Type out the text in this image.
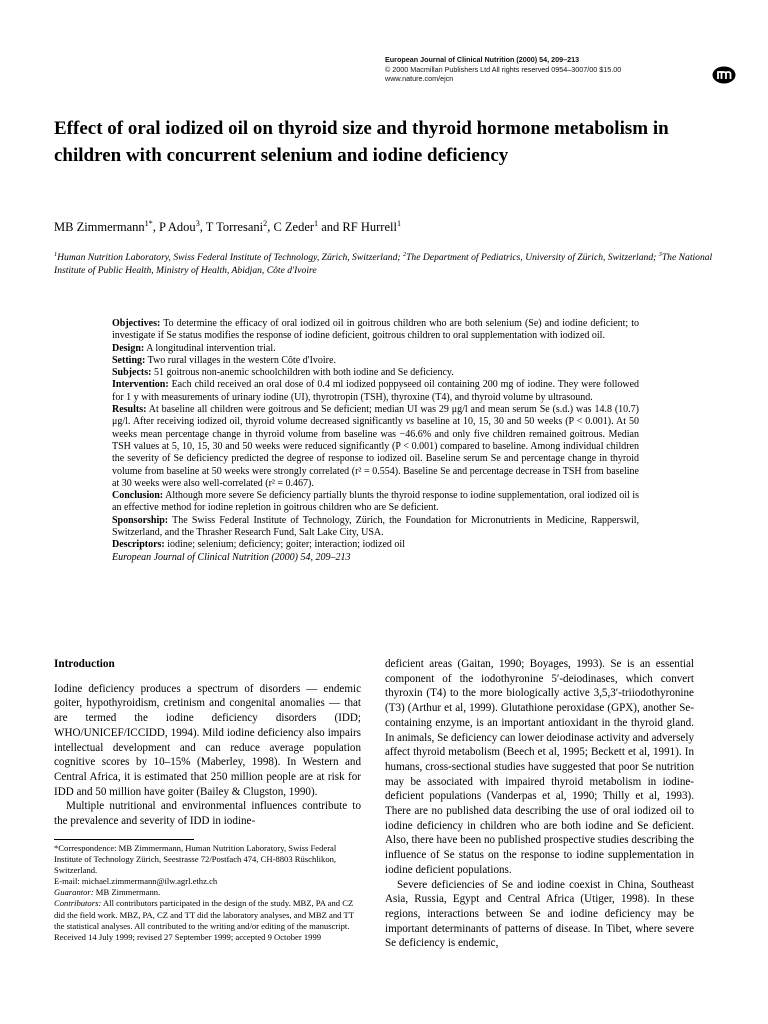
European Journal of Clinical Nutrition (2000) 54, 209–213
© 2000 Macmillan Publishers Ltd All rights reserved 0954–3007/00 $15.00
www.nature.com/ejcn
Effect of oral iodized oil on thyroid size and thyroid hormone metabolism in children with concurrent selenium and iodine deficiency
MB Zimmermann$^{1*}$, P Adou$^3$, T Torresani$^2$, C Zeder$^1$ and RF Hurrell$^1$
$^1$Human Nutrition Laboratory, Swiss Federal Institute of Technology, Zürich, Switzerland; $^2$The Department of Pediatrics, University of Zürich, Switzerland; $^3$The National Institute of Public Health, Ministry of Health, Abidjan, Côte d'Ivoire

Objectives: To determine the efficacy of oral iodized oil in goitrous children who are both selenium (Se) and iodine deficient; to investigate if Se status modifies the response of iodine deficient, goitrous children to oral supplementation with iodized oil.

Design: A longitudinal intervention trial.

Setting: Two rural villages in the western Côte d'Ivoire.

Subjects: 51 goitrous non-anemic schoolchildren with both iodine and Se deficiency.

Intervention: Each child received an oral dose of 0.4 ml iodized poppyseed oil containing 200 mg of iodine. They were followed for 1 y with measurements of urinary iodine (UI), thyrotropin (TSH), thyroxine (T4), and thyroid volume by ultrasound.

Results: At baseline all children were goitrous and Se deficient; median UI was 29 μg/l and mean serum Se (s.d.) was 14.8 (10.7) μg/l. After receiving iodized oil, thyroid volume decreased significantly vs baseline at 10, 15, 30 and 50 weeks (P < 0.001). At 50 weeks mean percentage change in thyroid volume from baseline was −46.6% and only five children remained goitrous. Median TSH values at 5, 10, 15, 30 and 50 weeks were reduced significantly (P < 0.001) compared to baseline. Among individual children the severity of Se deficiency predicted the degree of response to iodized oil. Baseline serum Se and percentage change in thyroid volume from baseline at 50 weeks were strongly correlated (r² = 0.554). Baseline Se and percentage decrease in TSH from baseline at 30 weeks were also well-correlated (r² = 0.467).

Conclusion: Although more severe Se deficiency partially blunts the thyroid response to iodine supplementation, oral iodized oil is an effective method for iodine repletion in goitrous children who are Se deficient.

Sponsorship: The Swiss Federal Institute of Technology, Zürich, the Foundation for Micronutrients in Medicine, Rapperswil, Switzerland, and the Thrasher Research Fund, Salt Lake City, USA.

Descriptors: iodine; selenium; deficiency; goiter; interaction; iodized oil

European Journal of Clinical Nutrition (2000) 54, 209–213

Introduction

Iodine deficiency produces a spectrum of disorders — endemic goiter, hypothyroidism, cretinism and congenital anomalies — that are termed the iodine deficiency disorders (IDD; WHO/UNICEF/ICCIDD, 1994). Mild iodine deficiency also impairs intellectual development and can reduce average population cognitive scores by 10–15% (Maberley, 1998). In Western and Central Africa, it is estimated that 250 million people are at risk for IDD and 50 million have goiter (Bailey & Clugston, 1990).

Multiple nutritional and environmental influences contribute to the prevalence and severity of IDD in iodine-

*Correspondence: MB Zimmermann, Human Nutrition Laboratory, Swiss Federal Institute of Technology Zürich, Seestrasse 72/Postfach 474, CH-8803 Rüschlikon, Switzerland.

E-mail: michael.zimmermann@ilw.agrl.ethz.ch

Guarantor: MB Zimmermann.

Contributors: All contributors participated in the design of the study. MBZ, PA and CZ did the field work. MBZ, PA, CZ and TT did the laboratory analyses, and MBZ and TT the statistical analyses. All contributed to the writing and/or editing of the manuscript.

Received 14 July 1999; revised 27 September 1999; accepted 9 October 1999

deficient areas (Gaitan, 1990; Boyages, 1993). Se is an essential component of the iodothyronine 5′-deiodinases, which convert thyroxin (T4) to the more biologically active 3,5,3′-triiodothyronine (T3) (Arthur et al, 1999). Glutathione peroxidase (GPX), another Se-containing enzyme, is an important antioxidant in the thyroid gland. In animals, Se deficiency can lower deiodinase activity and adversely affect thyroid metabolism (Beech et al, 1995; Beckett et al, 1991). In humans, cross-sectional studies have suggested that poor Se nutrition may be associated with impaired thyroid metabolism in iodine-deficient populations (Vanderpas et al, 1990; Thilly et al, 1993). There are no published data describing the use of oral iodized oil to iodine deficiency in children who are both iodine and Se deficient. Also, there have been no published prospective studies describing the influence of Se status on the response to iodine supplementation in iodine deficient populations.

Severe deficiencies of Se and iodine coexist in China, Southeast Asia, Russia, Egypt and Central Africa (Utiger, 1998). In these regions, interactions between Se and iodine deficiency may be important determinants of patterns of disease. In Tibet, where severe Se deficiency is endemic,
